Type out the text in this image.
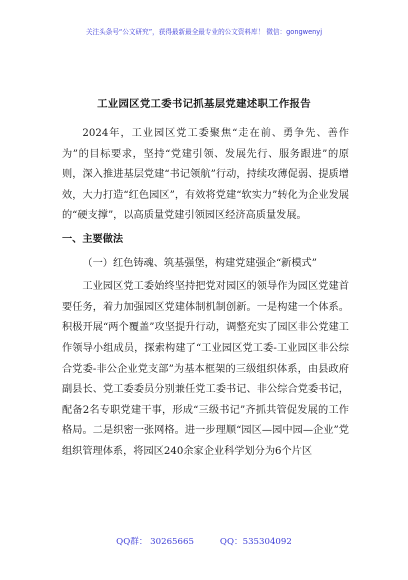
关注头条号“公文研究”，获得最新最全最专业的公文资料库！ 微信：gongwenyj
工业园区党工委书记抓基层党建述职工作报告

2024年，工业园区党工委聚焦“走在前、勇争先、善作为”的目标要求，坚持“党建引领、发展先行、服务跟进”的原则，深入推进基层党建“书记领航”行动，持续攻薄促弱、提质增效，大力打造“红色园区”，有效将党建“软实力”转化为企业发展的“硬支撑”，以高质量党建引领园区经济高质量发展。

一、主要做法

（一）红色铸魂、筑基强堡，构建党建强企“新模式”

工业园区党工委始终坚持把党对园区的领导作为园区党建首要任务，着力加强园区党建体制机制创新。一是构建一个体系。积极开展“两个覆盖”攻坚提升行动，调整充实了园区非公党建工作领导小组成员，探索构建了“工业园区党工委-工业园区非公综合党委-非公企业党支部”为基本框架的三级组织体系，由县政府副县长、党工委委员分别兼任党工委书记、非公综合党委书记，配备2名专职党建干事，形成“三级书记”齐抓共管促发展的工作格局。二是织密一张网格。进一步理顺“园区—园中园—企业”党组织管理体系，将园区240余家企业科学划分为6个片区

QQ群： 30265665	QQ：535304092
